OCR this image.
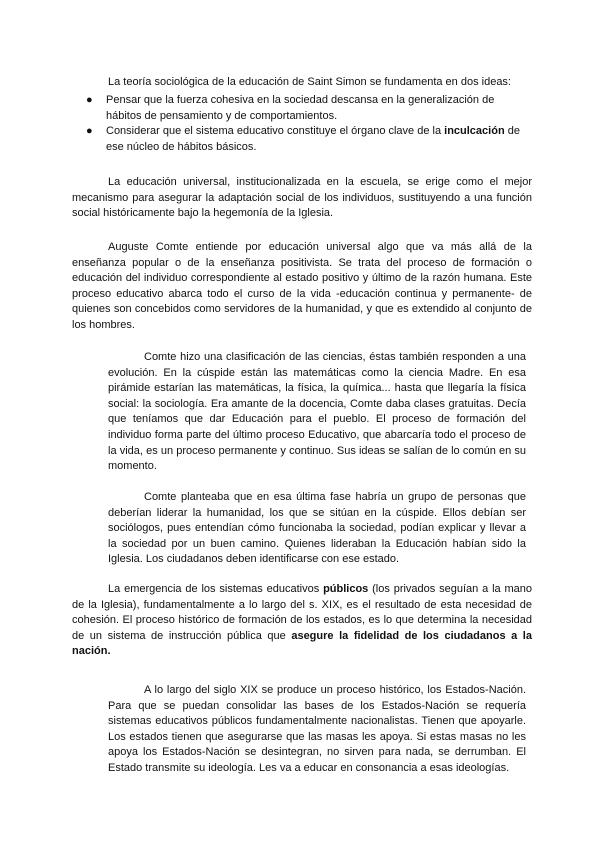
La teoría sociológica de la educación de Saint Simon se fundamenta en dos ideas:

● Pensar que la fuerza cohesiva en la sociedad descansa en la generalización de hábitos de pensamiento y de comportamientos.
● Considerar que el sistema educativo constituye el órgano clave de la inculcación de ese núcleo de hábitos básicos.

La educación universal, institucionalizada en la escuela, se erige como el mejor mecanismo para asegurar la adaptación social de los individuos, sustituyendo a una función social históricamente bajo la hegemonía de la Iglesia.

Auguste Comte entiende por educación universal algo que va más allá de la enseñanza popular o de la enseñanza positivista. Se trata del proceso de formación o educación del individuo correspondiente al estado positivo y último de la razón humana. Este proceso educativo abarca todo el curso de la vida -educación continua y permanente- de quienes son concebidos como servidores de la humanidad, y que es extendido al conjunto de los hombres.

Comte hizo una clasificación de las ciencias, éstas también responden a una evolución. En la cúspide están las matemáticas como la ciencia Madre. En esa pirámide estarían las matemáticas, la física, la química... hasta que llegaría la física social: la sociología. Era amante de la docencia, Comte daba clases gratuitas. Decía que teníamos que dar Educación para el pueblo. El proceso de formación del individuo forma parte del último proceso Educativo, que abarcaría todo el proceso de la vida, es un proceso permanente y continuo. Sus ideas se salían de lo común en su momento.

Comte planteaba que en esa última fase habría un grupo de personas que deberían liderar la humanidad, los que se sitúan en la cúspide. Ellos debían ser sociólogos, pues entendían cómo funcionaba la sociedad, podían explicar y llevar a la sociedad por un buen camino. Quienes lideraban la Educación habían sido la Iglesia. Los ciudadanos deben identificarse con ese estado.

La emergencia de los sistemas educativos públicos (los privados seguían a la mano de la Iglesia), fundamentalmente a lo largo del s. XIX, es el resultado de esta necesidad de cohesión. El proceso histórico de formación de los estados, es lo que determina la necesidad de un sistema de instrucción pública que asegure la fidelidad de los ciudadanos a la nación.

A lo largo del siglo XIX se produce un proceso histórico, los Estados-Nación. Para que se puedan consolidar las bases de los Estados-Nación se requería sistemas educativos públicos fundamentalmente nacionalistas. Tienen que apoyarle. Los estados tienen que asegurarse que las masas les apoya. Si estas masas no les apoya los Estados-Nación se desintegran, no sirven para nada, se derrumban. El Estado transmite su ideología. Les va a educar en consonancia a esas ideologías.
